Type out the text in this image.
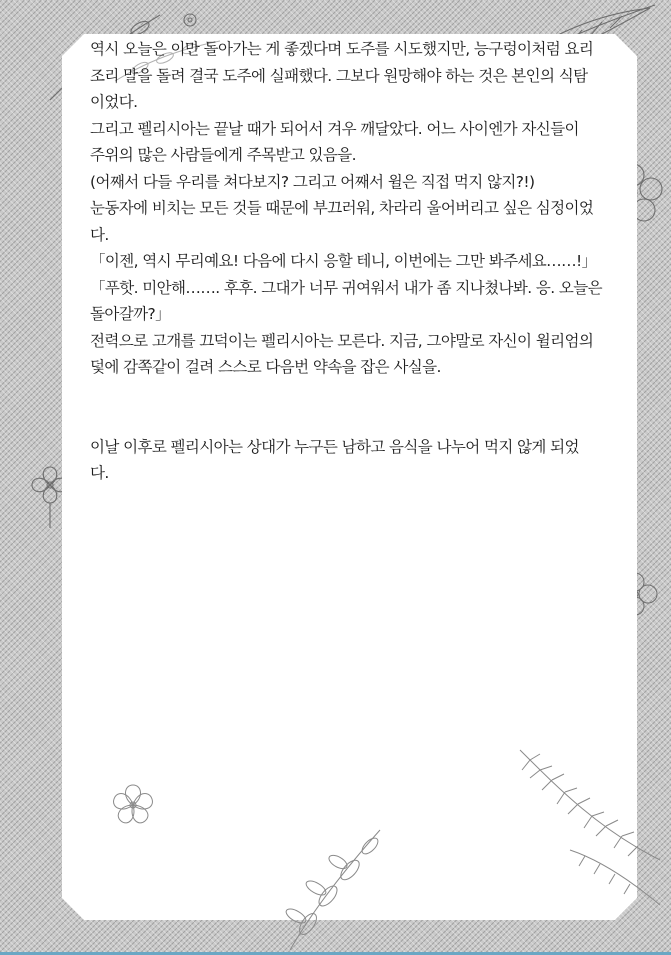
역시 오늘은 이만 돌아가는 게 좋겠다며 도주를 시도했지만, 능구렁이처럼 요리
조리 말을 돌려 결국 도주에 실패했다. 그보다 원망해야 하는 것은 본인의 식탐
이었다.
그리고 펠리시아는 끝날 때가 되어서 겨우 깨달았다. 어느 사이엔가 자신들이
주위의 많은 사람들에게 주목받고 있음을.
(어째서 다들 우리를 쳐다보지? 그리고 어째서 윌은 직접 먹지 않지?!)
눈동자에 비치는 모든 것들 때문에 부끄러워, 차라리 울어버리고 싶은 심정이었
다.
「이젠, 역시 무리예요! 다음에 다시 응할 테니, 이번에는 그만 봐주세요……!」
「푸핫. 미안해……. 후후. 그대가 너무 귀여워서 내가 좀 지나쳤나봐. 응. 오늘은
돌아갈까?」
전력으로 고개를 끄덕이는 펠리시아는 모른다. 지금, 그야말로 자신이 윌리엄의
덫에 감쪽같이 걸려 스스로 다음번 약속을 잡은 사실을.
이날 이후로 펠리시아는 상대가 누구든 남하고 음식을 나누어 먹지 않게 되었
다.
